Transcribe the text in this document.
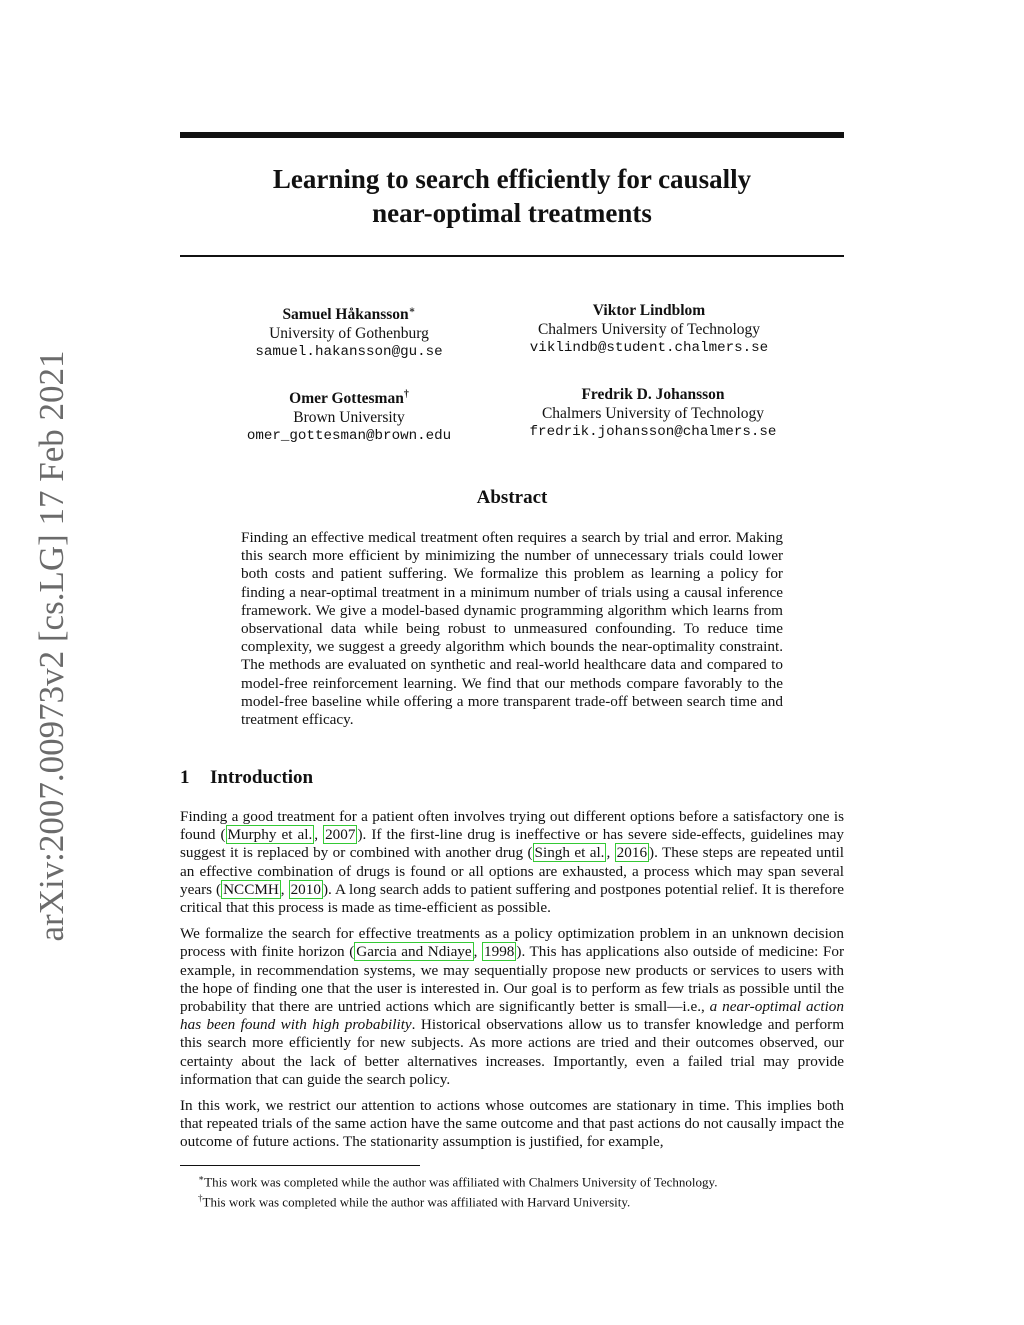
arXiv:2007.00973v2 [cs.LG] 17 Feb 2021
Learning to search efficiently for causally
near-optimal treatments
Samuel Håkansson∗
University of Gothenburg
samuel.hakansson@gu.se
Viktor Lindblom
Chalmers University of Technology
viklindb@student.chalmers.se
Omer Gottesman†
Brown University
omer_gottesman@brown.edu
Fredrik D. Johansson
Chalmers University of Technology
fredrik.johansson@chalmers.se
Abstract
Finding an effective medical treatment often requires a search by trial and error. Making this search more efficient by minimizing the number of unnecessary trials could lower both costs and patient suffering. We formalize this problem as learning a policy for finding a near-optimal treatment in a minimum number of trials using a causal inference framework. We give a model-based dynamic programming algorithm which learns from observational data while being robust to unmeasured confounding. To reduce time complexity, we suggest a greedy algorithm which bounds the near-optimality constraint. The methods are evaluated on synthetic and real-world healthcare data and compared to model-free reinforcement learning. We find that our methods compare favorably to the model-free baseline while offering a more transparent trade-off between search time and treatment efficacy.
1 Introduction

Finding a good treatment for a patient often involves trying out different options before a satisfactory one is found ( Murphy et al. , 2007 ). If the first-line drug is ineffective or has severe side-effects, guidelines may suggest it is replaced by or combined with another drug ( Singh et al. , 2016 ). These steps are repeated until an effective combination of drugs is found or all options are exhausted, a process which may span several years ( NCCMH , 2010 ). A long search adds to patient suffering and postpones potential relief. It is therefore critical that this process is made as time-efficient as possible.

We formalize the search for effective treatments as a policy optimization problem in an unknown decision process with finite horizon ( Garcia and Ndiaye , 1998 ). This has applications also outside of medicine: For example, in recommendation systems, we may sequentially propose new products or services to users with the hope of finding one that the user is interested in. Our goal is to perform as few trials as possible until the probability that there are untried actions which are significantly better is small—i.e., a near-optimal action has been found with high probability. Historical observations allow us to transfer knowledge and perform this search more efficiently for new subjects. As more actions are tried and their outcomes observed, our certainty about the lack of better alternatives increases. Importantly, even a failed trial may provide information that can guide the search policy.

In this work, we restrict our attention to actions whose outcomes are stationary in time. This implies both that repeated trials of the same action have the same outcome and that past actions do not causally impact the outcome of future actions. The stationarity assumption is justified, for example,

∗This work was completed while the author was affiliated with Chalmers University of Technology.
†This work was completed while the author was affiliated with Harvard University.
